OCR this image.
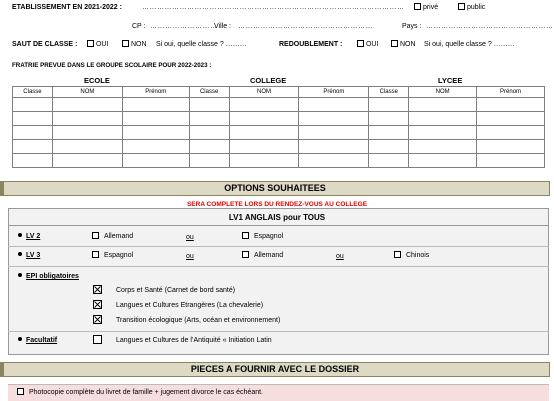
ETABLISSEMENT EN 2021-2022 :	……………………………………………………………………………………………	privé	public
CP : ………………………
Ville : ………………………………………………	Pays : ……………………………………………
SAUT DE CLASSE :	OUI	NON Si oui, quelle classe ? ………	REDOUBLEMENT :	OUI	NON Si oui, quelle classe ? ………
FRATRIE PREVUE DANS LE GROUPE SCOLAIRE POUR 2022-2023 :
ECOLE	COLLEGE	LYCEE
Classe	NOM	Prénom	Classe	NOM	Prénom	Classe	NOM	Prénom

OPTIONS SOUHAITEES
SERA COMPLETE LORS DU RENDEZ-VOUS AU COLLEGE
LV1 ANGLAIS pour TOUS
LV 2	Allemand	ou	Espagnol
LV 3	Espagnol	ou	Allemand	ou	Chinois
EPI obligatoires
Corps et Santé (Carnet de bord santé)
Langues et Cultures Etrangères (La chevalerie)
Transition écologique (Arts, océan et environnement)
Facultatif	Langues et Cultures de l’Antiquité « Initiation Latin
PIECES A FOURNIR AVEC LE DOSSIER
Photocopie complète du livret de famille + jugement divorce le cas échéant.
